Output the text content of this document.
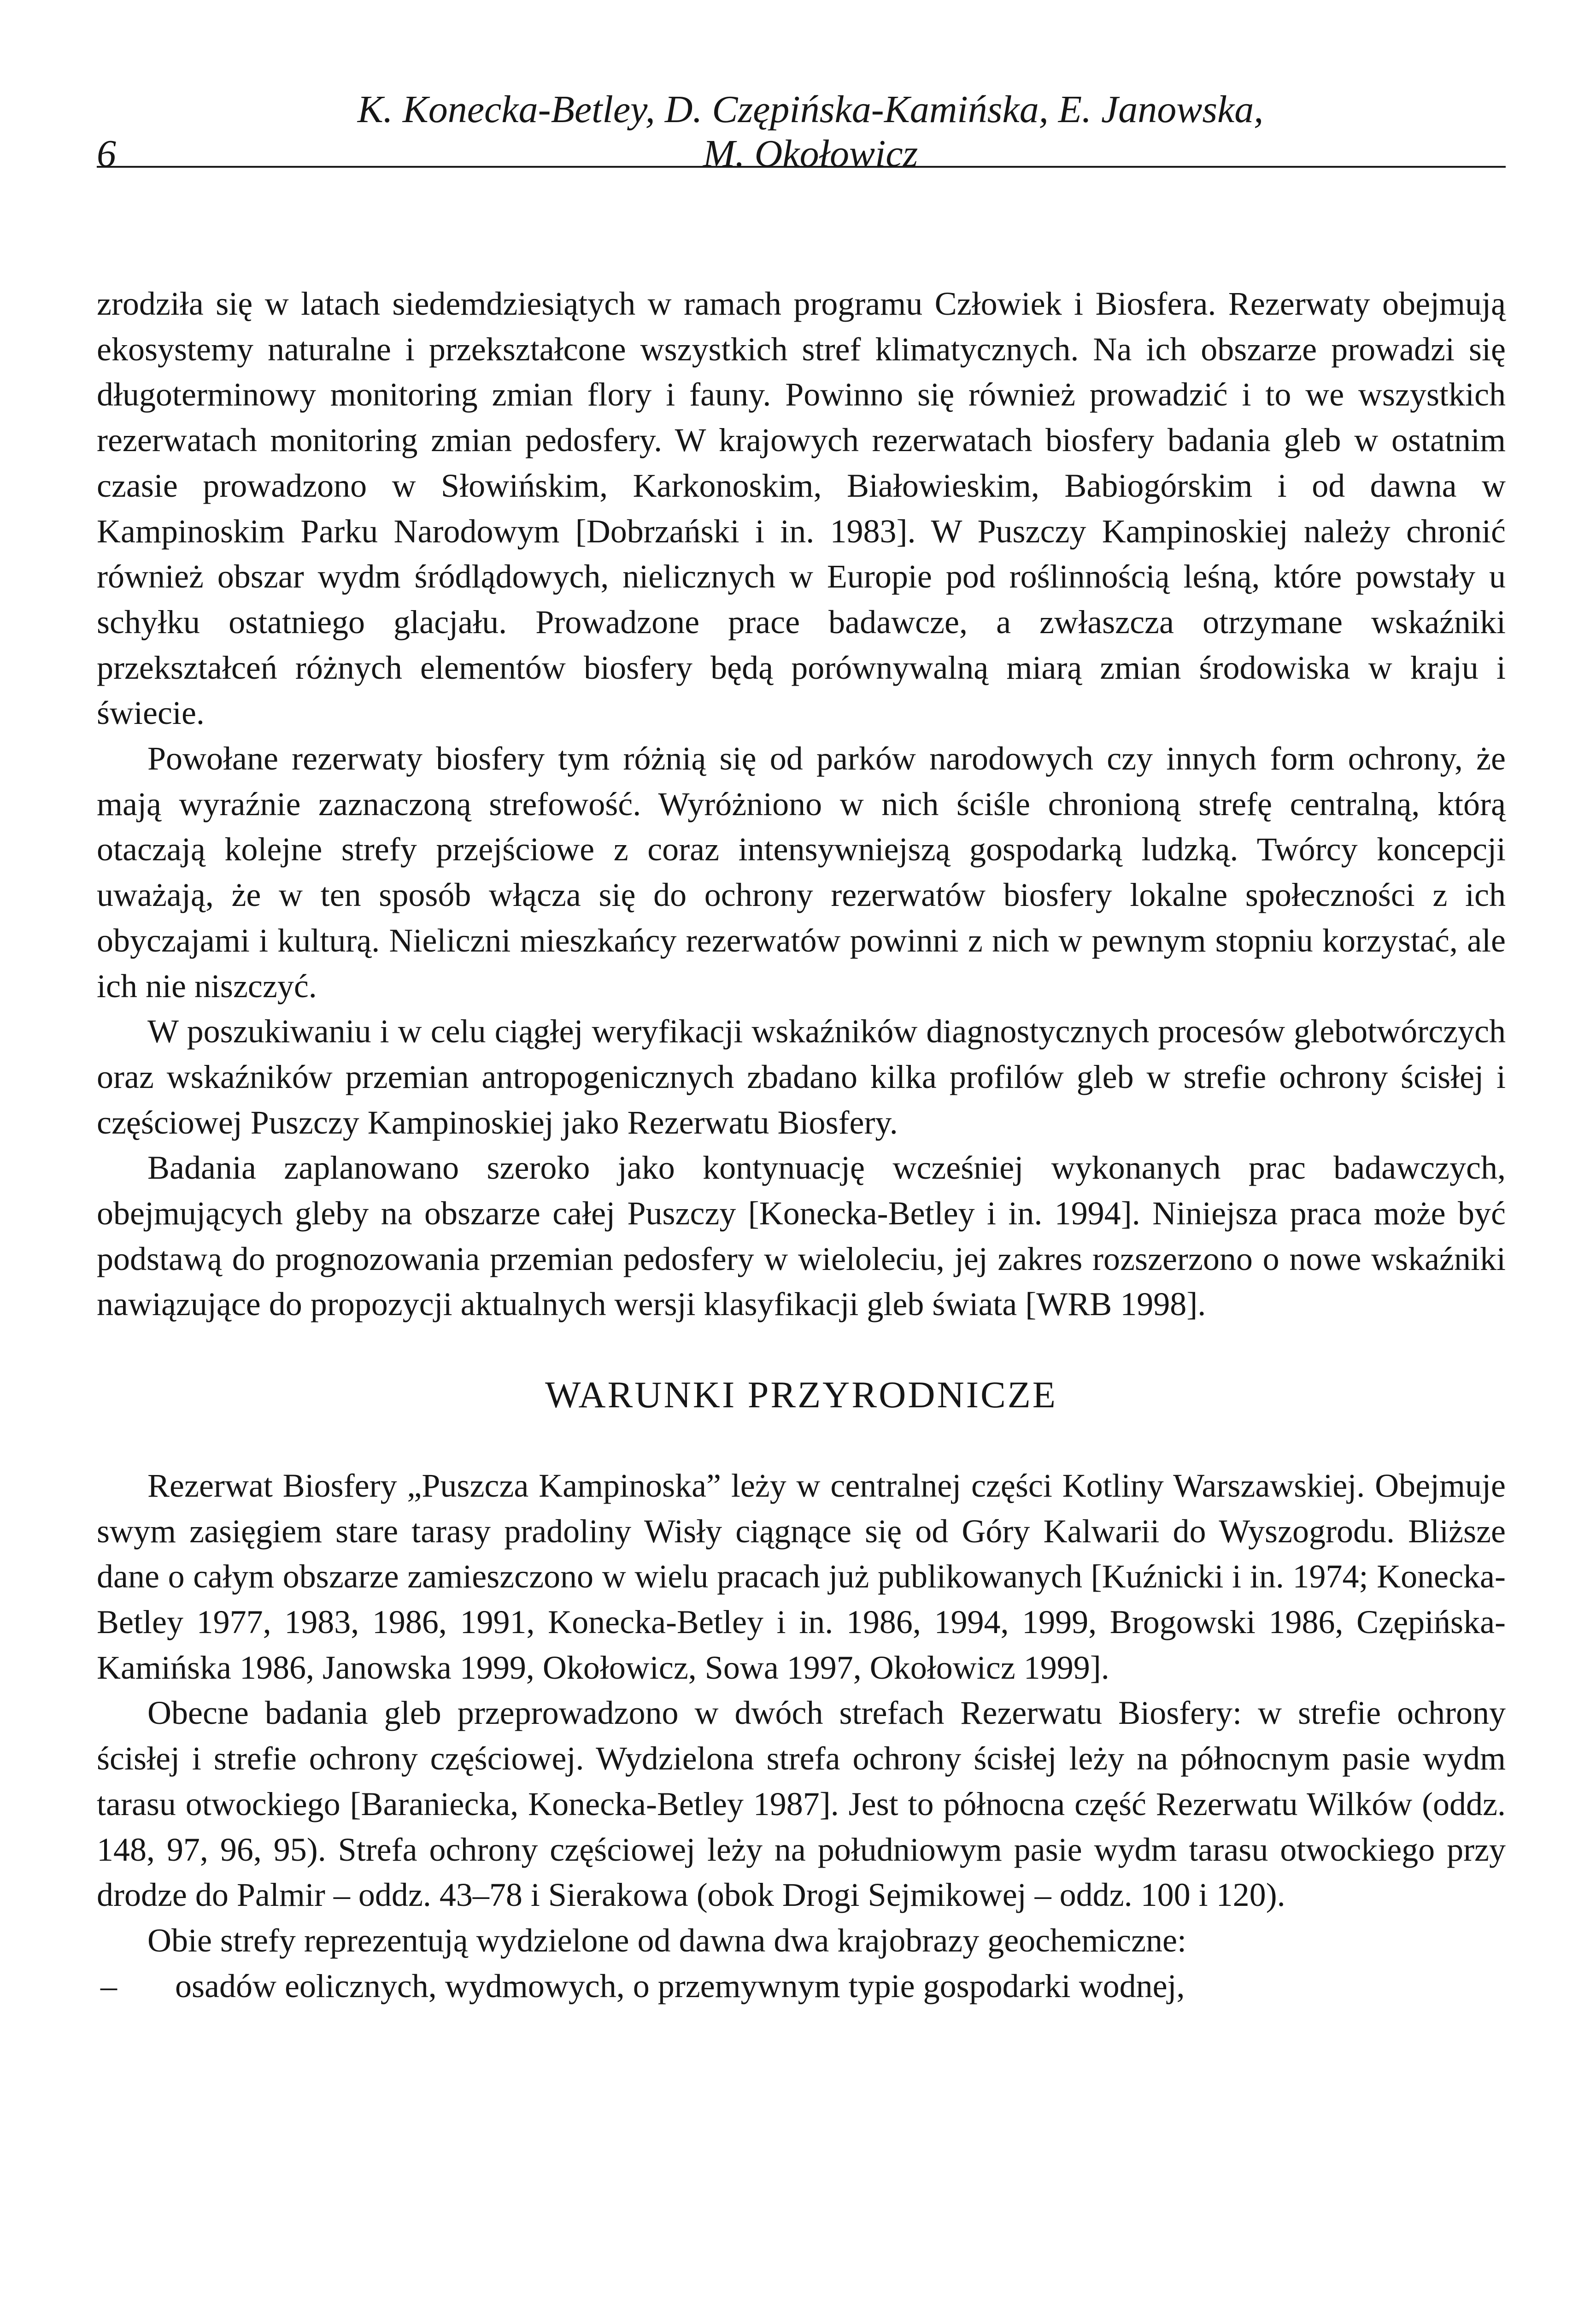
6
K. Konecka-Betley, D. Czępińska-Kamińska, E. Janowska,
M. Okołowicz

zrodziła się w latach siedemdziesiątych w ramach programu Człowiek i Biosfera. Rezerwaty obejmują ekosystemy naturalne i przekształcone wszystkich stref klimatycznych. Na ich obszarze prowadzi się długoterminowy monitoring zmian flory i fauny. Powinno się również prowadzić i to we wszystkich rezerwatach monitoring zmian pedosfery. W krajowych rezerwatach biosfery badania gleb w ostatnim czasie prowadzono w Słowińskim, Karkonoskim, Białowieskim, Babiogórskim i od dawna w Kampinoskim Parku Narodowym [Dobrzański i in. 1983]. W Puszczy Kampinoskiej należy chronić również obszar wydm śródlądowych, nielicznych w Europie pod roślinnością leśną, które powstały u schyłku ostatniego glacjału. Prowadzone prace badawcze, a zwłaszcza otrzymane wskaźniki przekształceń różnych elementów biosfery będą porównywalną miarą zmian środowiska w kraju i świecie.

Powołane rezerwaty biosfery tym różnią się od parków narodowych czy innych form ochrony, że mają wyraźnie zaznaczoną strefowość. Wyróżniono w nich ściśle chronioną strefę centralną, którą otaczają kolejne strefy przejściowe z coraz intensywniejszą gospodarką ludzką. Twórcy koncepcji uważają, że w ten sposób włącza się do ochrony rezerwatów biosfery lokalne społeczności z ich obyczajami i kulturą. Nieliczni mieszkańcy rezerwatów powinni z nich w pewnym stopniu korzystać, ale ich nie niszczyć.

W poszukiwaniu i w celu ciągłej weryfikacji wskaźników diagnostycznych procesów glebotwórczych oraz wskaźników przemian antropogenicznych zbadano kilka profilów gleb w strefie ochrony ścisłej i częściowej Puszczy Kampinoskiej jako Rezerwatu Biosfery.

Badania zaplanowano szeroko jako kontynuację wcześniej wykonanych prac badawczych, obejmujących gleby na obszarze całej Puszczy [Konecka-Betley i in. 1994]. Niniejsza praca może być podstawą do prognozowania przemian pedosfery w wieloleciu, jej zakres rozszerzono o nowe wskaźniki nawiązujące do propozycji aktualnych wersji klasyfikacji gleb świata [WRB 1998].

WARUNKI PRZYRODNICZE

Rezerwat Biosfery „Puszcza Kampinoska” leży w centralnej części Kotliny Warszawskiej. Obejmuje swym zasięgiem stare tarasy pradoliny Wisły ciągnące się od Góry Kalwarii do Wyszogrodu. Bliższe dane o całym obszarze zamieszczono w wielu pracach już publikowanych [Kuźnicki i in. 1974; Konecka-Betley 1977, 1983, 1986, 1991, Konecka-Betley i in. 1986, 1994, 1999, Brogowski 1986, Czępińska-Kamińska 1986, Janowska 1999, Okołowicz, Sowa 1997, Okołowicz 1999].

Obecne badania gleb przeprowadzono w dwóch strefach Rezerwatu Biosfery: w strefie ochrony ścisłej i strefie ochrony częściowej. Wydzielona strefa ochrony ścisłej leży na północnym pasie wydm tarasu otwockiego [Baraniecka, Konecka-Betley 1987]. Jest to północna część Rezerwatu Wilków (oddz. 148, 97, 96, 95). Strefa ochrony częściowej leży na południowym pasie wydm tarasu otwockiego przy drodze do Palmir – oddz. 43–78 i Sierakowa (obok Drogi Sejmikowej – oddz. 100 i 120).

Obie strefy reprezentują wydzielone od dawna dwa krajobrazy geochemiczne:

– osadów eolicznych, wydmowych, o przemywnym typie gospodarki wodnej,
